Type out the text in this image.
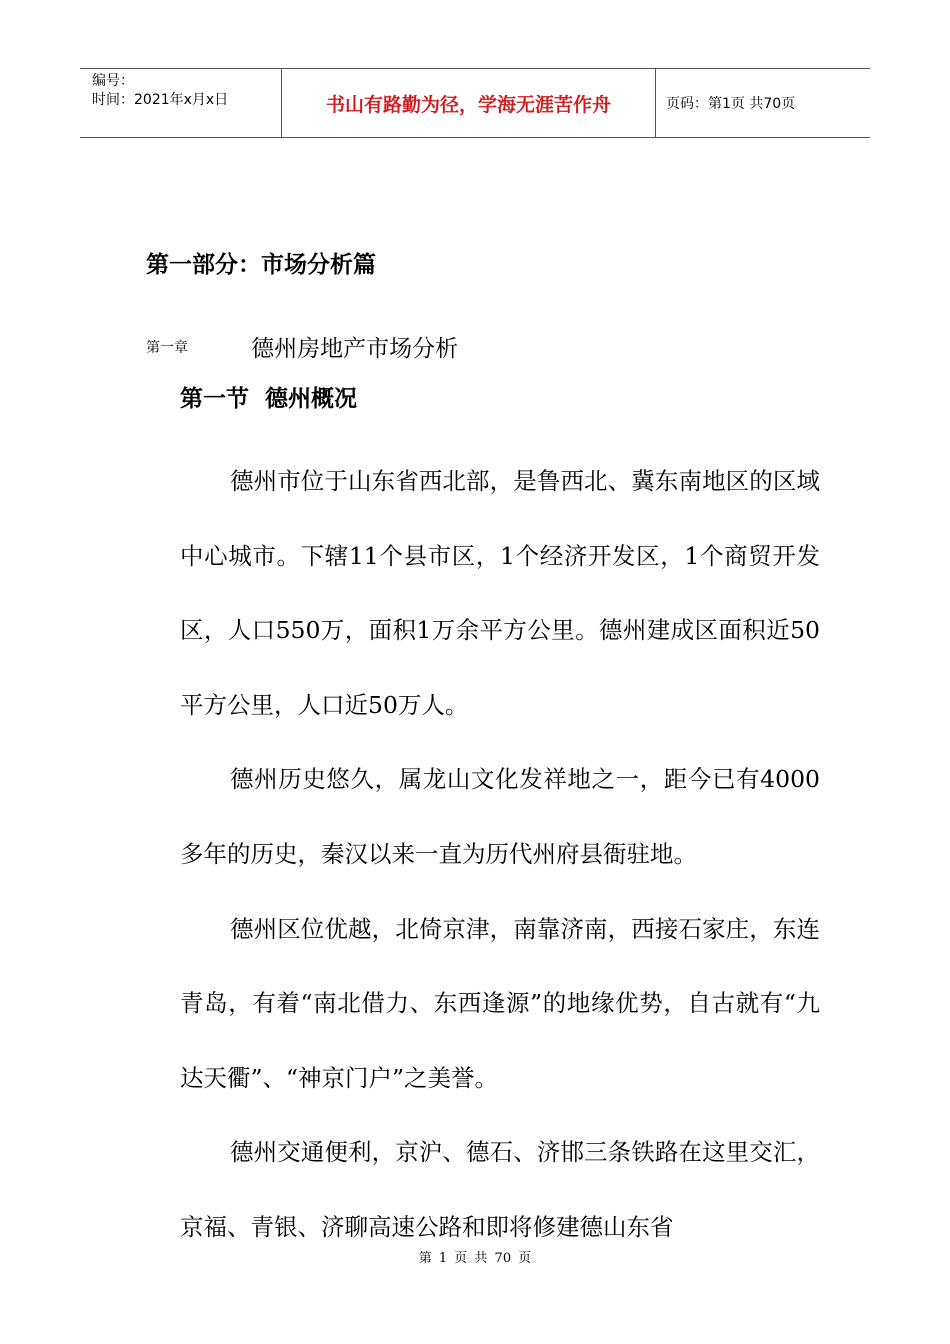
编号：
时间：2021年x月x日	书山有路勤为径，学海无涯苦作舟	页码：第1页 共70页
第一部分：市场分析篇
第一章	德州房地产市场分析
第一节 德州概况

德州市位于山东省西北部，是鲁西北、冀东南地区的区域中心城市。下辖11个县市区，1个经济开发区，1个商贸开发区，人口550万，面积1万余平方公里。德州建成区面积近50平方公里，人口近50万人。

德州历史悠久，属龙山文化发祥地之一，距今已有4000多年的历史，秦汉以来一直为历代州府县衙驻地。

德州区位优越，北倚京津，南靠济南，西接石家庄，东连青岛，有着“南北借力、东西逢源”的地缘优势，自古就有“九达天衢”、“神京门户”之美誉。

德州交通便利，京沪、德石、济邯三条铁路在这里交汇，京福、青银、济聊高速公路和即将修建德山东省

第 1 页 共 70 页
